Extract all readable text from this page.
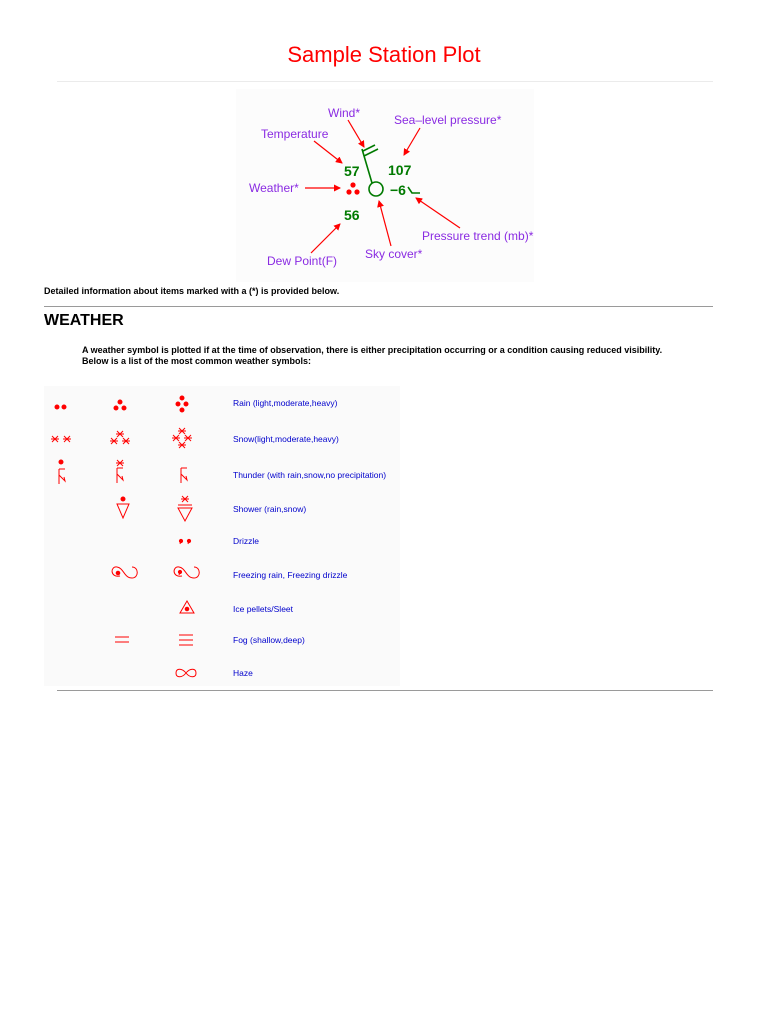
Sample Station Plot
Wind*	Sea–level pressure*
Temperature
Weather*
Pressure trend (mb)*
Sky cover*
Dew Point(F)
57 107
56
−6
Detailed information about items marked with a (*) is provided below.
WEATHER
A weather symbol is plotted if at the time of observation, there is either precipitation occurring or a condition causing reduced visibility.
Below is a list of the most common weather symbols:
Rain (light,moderate,heavy)
Snow(light,moderate,heavy)
Thunder (with rain,snow,no precipitation)
Shower (rain,snow)
Drizzle
Freezing rain, Freezing drizzle
Ice pellets/Sleet
Fog (shallow,deep)
Haze
